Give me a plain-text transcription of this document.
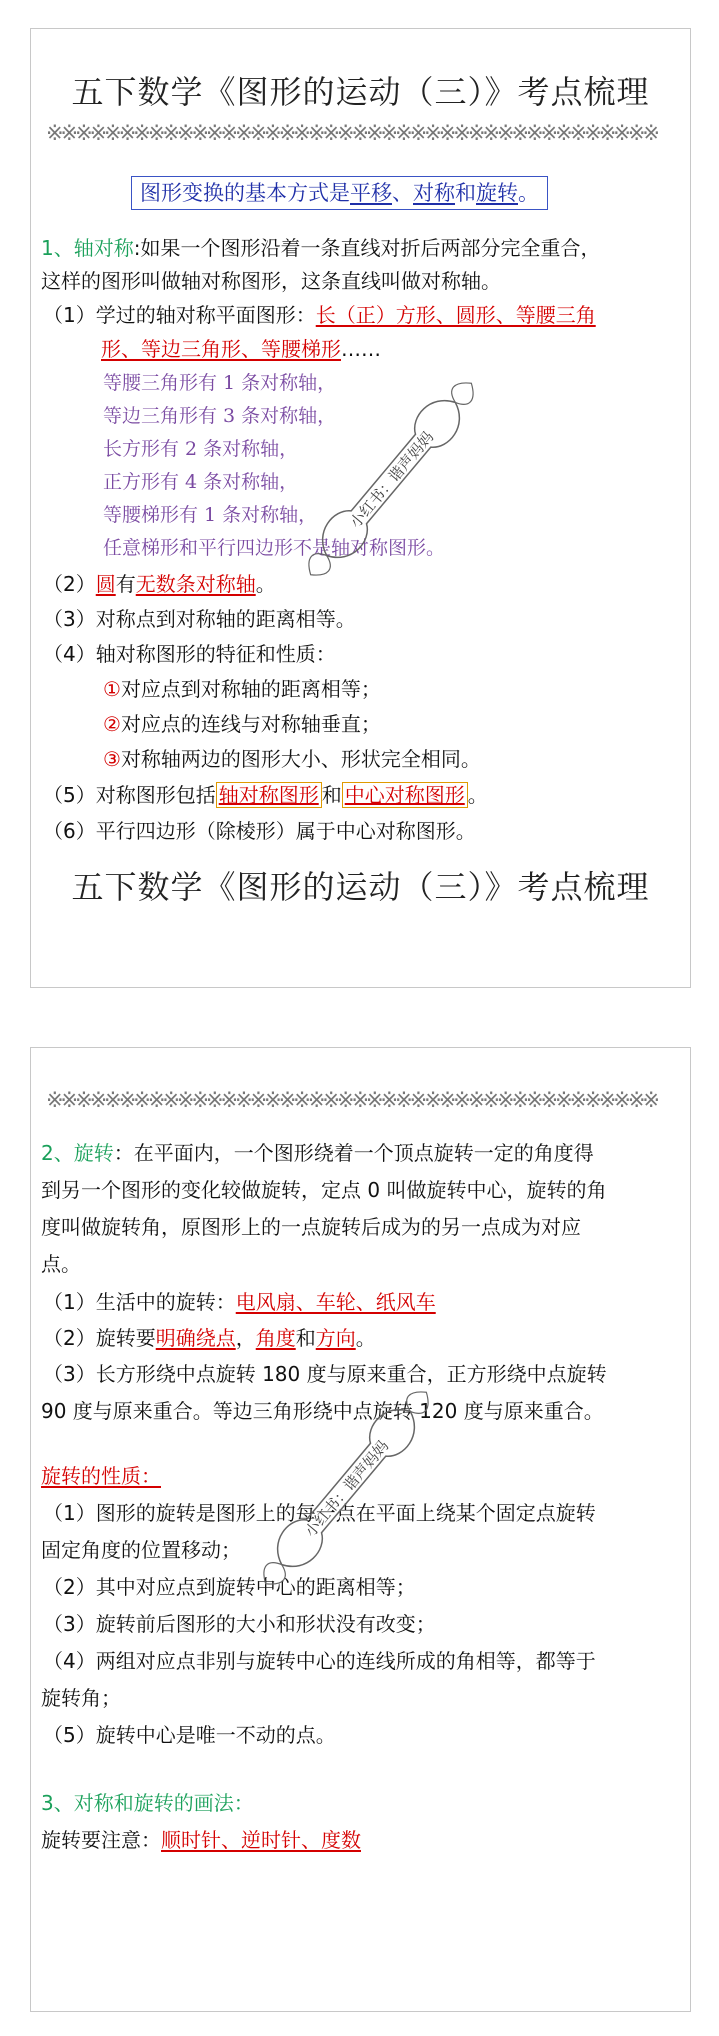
五下数学《图形的运动（三）》考点梳理
※※※※※※※※※※※※※※※※※※※※※※※※※※※※※※※※※※※※※※※※※※
图形变换的基本方式是平移、对称和旋转。
1、轴对称:如果一个图形沿着一条直线对折后两部分完全重合，
这样的图形叫做轴对称图形，这条直线叫做对称轴。
（1）学过的轴对称平面图形：长（正）方形、圆形、等腰三角
形、等边三角形、等腰梯形……
等腰三角形有 1 条对称轴，
等边三角形有 3 条对称轴，
长方形有 2 条对称轴，
正方形有 4 条对称轴，
等腰梯形有 1 条对称轴，
任意梯形和平行四边形不是轴对称图形。
（2）圆有无数条对称轴。
（3）对称点到对称轴的距离相等。
（4）轴对称图形的特征和性质：
①对应点到对称轴的距离相等；
②对应点的连线与对称轴垂直；
③对称轴两边的图形大小、形状完全相同。
（5）对称图形包括 轴对称图形 和 中心对称图形 。
（6）平行四边形（除棱形）属于中心对称图形。
五下数学《图形的运动（三）》考点梳理
小红书：谐声妈妈
※※※※※※※※※※※※※※※※※※※※※※※※※※※※※※※※※※※※※※※※※※
2、旋转：在平面内，一个图形绕着一个顶点旋转一定的角度得
到另一个图形的变化较做旋转，定点 0 叫做旋转中心，旋转的角
度叫做旋转角，原图形上的一点旋转后成为的另一点成为对应
点。
（1）生活中的旋转：电风扇、车轮、纸风车
（2）旋转要明确绕点，角度和方向。
（3）长方形绕中点旋转 180 度与原来重合，正方形绕中点旋转
90 度与原来重合。等边三角形绕中点旋转 120 度与原来重合。
旋转的性质：
（1）图形的旋转是图形上的每一点在平面上绕某个固定点旋转
固定角度的位置移动；
（2）其中对应点到旋转中心的距离相等；
（3）旋转前后图形的大小和形状没有改变；
（4）两组对应点非别与旋转中心的连线所成的角相等，都等于
旋转角；
（5）旋转中心是唯一不动的点。
3、对称和旋转的画法：
旋转要注意：顺时针、逆时针、度数
小红书：谐声妈妈
